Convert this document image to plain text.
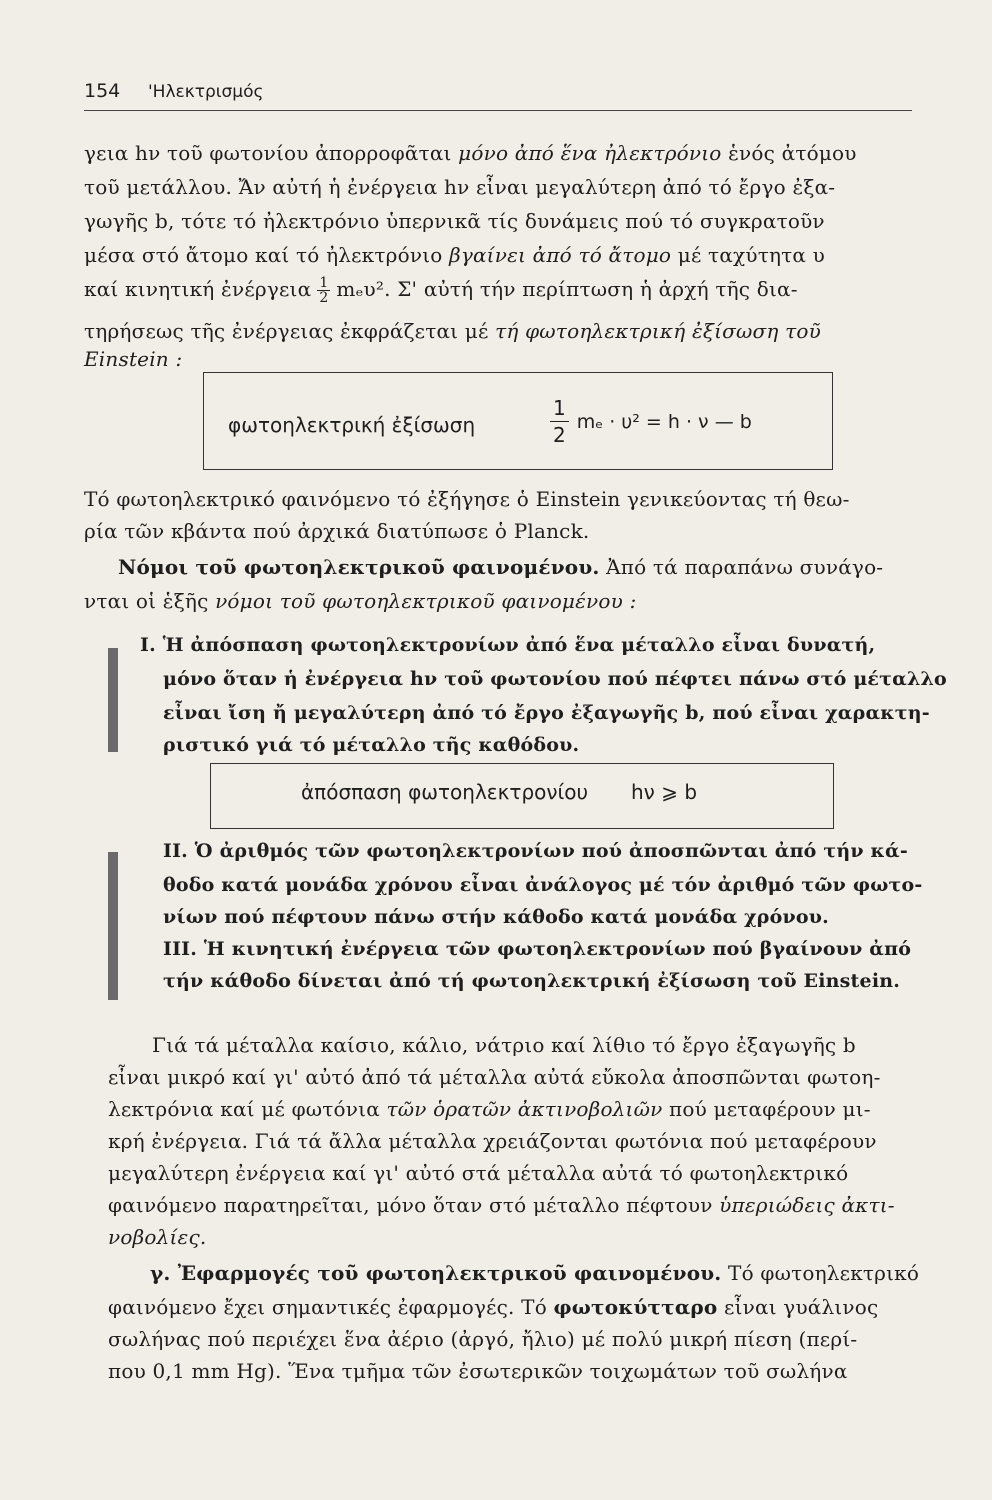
154 'Ηλεκτρισμός
γεια hν τοῦ φωτονίου ἀπορροφᾶται μόνο ἀπό ἕνα ἠλεκτρόνιο ἑνός ἀτόμου
τοῦ μετάλλου. Ἄν αὐτή ἡ ἐνέργεια hν εἶναι μεγαλύτερη ἀπό τό ἔργο ἐξα-
γωγῆς b, τότε τό ἠλεκτρόνιο ὑπερνικᾶ τίς δυνάμεις πού τό συγκρατοῦν
μέσα στό ἄτομο καί τό ἠλεκτρόνιο βγαίνει ἀπό τό ἄτομο μέ ταχύτητα υ
καί κινητική ἐνέργεια $\frac{1}{2} m_e\upsilon^2$. Σ' αὐτή τήν περίπτωση ἡ ἀρχή τῆς δια-
τηρήσεως τῆς ἐνέργειας ἐκφράζεται μέ τή φωτοηλεκτρική ἐξίσωση τοῦ
Einstein :
φωτοηλεκτρική ἐξίσωση
1
2
mₑ · υ² = h · ν — b
Τό φωτοηλεκτρικό φαινόμενο τό ἐξήγησε ὁ Einstein γενικεύοντας τή θεω-
ρία τῶν κβάντα πού ἀρχικά διατύπωσε ὁ Planck.
Νόμοι τοῦ φωτοηλεκτρικοῦ φαινομένου. Ἀπό τά παραπάνω συνάγο-
νται οἱ ἑξῆς νόμοι τοῦ φωτοηλεκτρικοῦ φαινομένου :
I. Ἡ ἀπόσπαση φωτοηλεκτρονίων ἀπό ἕνα μέταλλο εἶναι δυνατή,
μόνο ὅταν ἡ ἐνέργεια hν τοῦ φωτονίου πού πέφτει πάνω στό μέταλλο
εἶναι ἴση ἤ μεγαλύτερη ἀπό τό ἔργο ἐξαγωγῆς b, πού εἶναι χαρακτη-
ριστικό γιά τό μέταλλο τῆς καθόδου.
ἀπόσπαση φωτοηλεκτρονίου hν ⩾ b
II. Ὁ ἀριθμός τῶν φωτοηλεκτρονίων πού ἀποσπῶνται ἀπό τήν κά-
θοδο κατά μονάδα χρόνου εἶναι ἀνάλογος μέ τόν ἀριθμό τῶν φωτο-
νίων πού πέφτουν πάνω στήν κάθοδο κατά μονάδα χρόνου.
III. Ἡ κινητική ἐνέργεια τῶν φωτοηλεκτρονίων πού βγαίνουν ἀπό
τήν κάθοδο δίνεται ἀπό τή φωτοηλεκτρική ἐξίσωση τοῦ Einstein.
Γιά τά μέταλλα καίσιο, κάλιο, νάτριο καί λίθιο τό ἔργο ἐξαγωγῆς b
εἶναι μικρό καί γι' αὐτό ἀπό τά μέταλλα αὐτά εὔκολα ἀποσπῶνται φωτοη-
λεκτρόνια καί μέ φωτόνια τῶν ὁρατῶν ἀκτινοβολιῶν πού μεταφέρουν μι-
κρή ἐνέργεια. Γιά τά ἄλλα μέταλλα χρειάζονται φωτόνια πού μεταφέρουν
μεγαλύτερη ἐνέργεια καί γι' αὐτό στά μέταλλα αὐτά τό φωτοηλεκτρικό
φαινόμενο παρατηρεῖται, μόνο ὅταν στό μέταλλο πέφτουν ὑπεριώδεις ἀκτι-
νοβολίες.
γ. Ἐφαρμογές τοῦ φωτοηλεκτρικοῦ φαινομένου. Τό φωτοηλεκτρικό
φαινόμενο ἔχει σημαντικές ἐφαρμογές. Τό φωτοκύτταρο εἶναι γυάλινος
σωλήνας πού περιέχει ἕνα ἀέριο (ἀργό, ἤλιο) μέ πολύ μικρή πίεση (περί-
που 0,1 mm Hg). Ἕνα τμῆμα τῶν ἐσωτερικῶν τοιχωμάτων τοῦ σωλήνα
